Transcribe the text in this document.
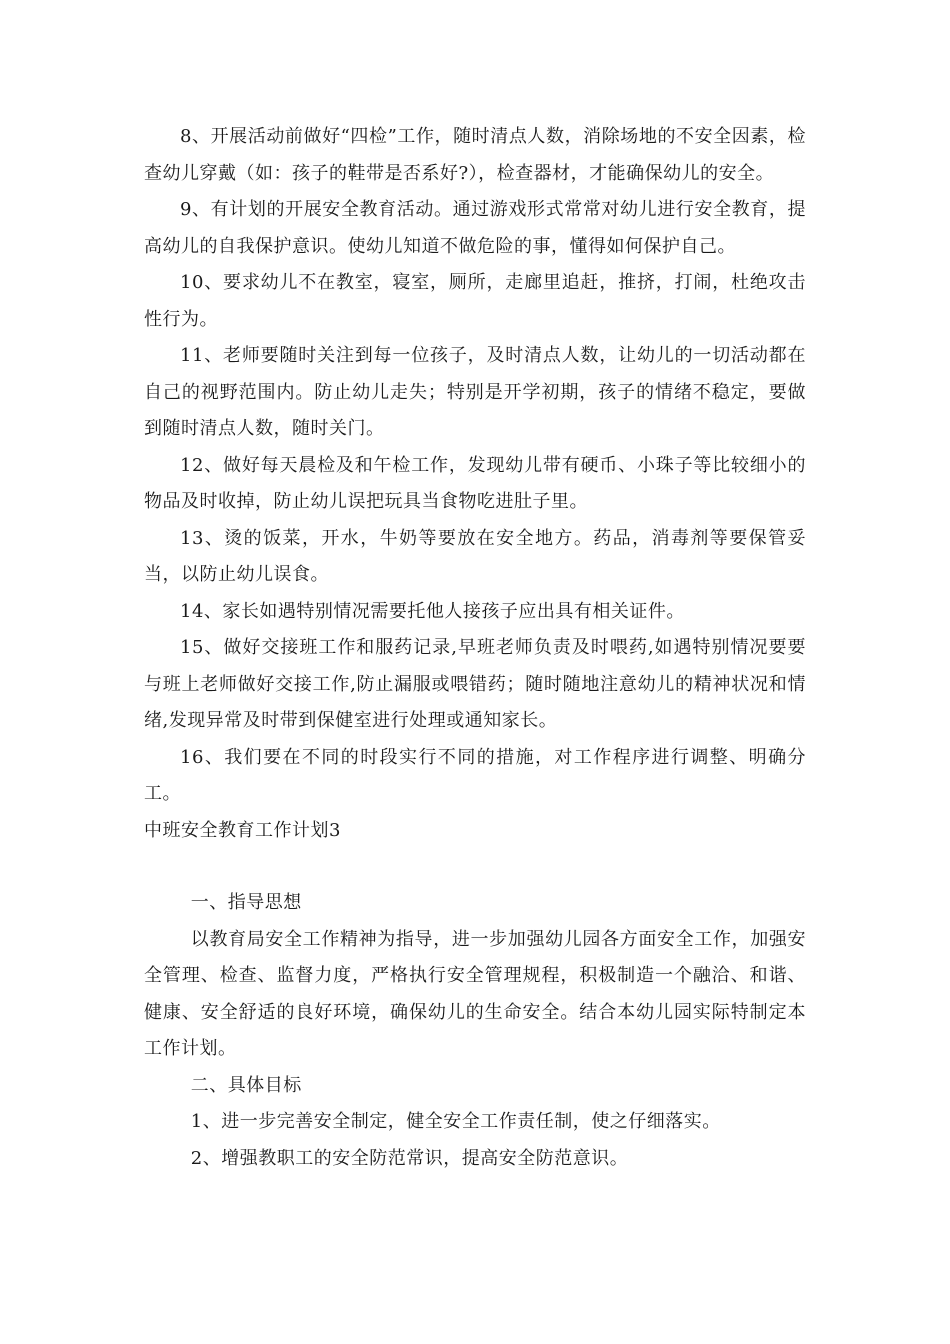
8、开展活动前做好“四检”工作，随时清点人数，消除场地的不安全因素，检查幼儿穿戴（如：孩子的鞋带是否系好?），检查器材，才能确保幼儿的安全。

9、有计划的开展安全教育活动。通过游戏形式常常对幼儿进行安全教育，提高幼儿的自我保护意识。使幼儿知道不做危险的事，懂得如何保护自己。

10、要求幼儿不在教室，寝室，厕所，走廊里追赶，推挤，打闹，杜绝攻击性行为。

11、老师要随时关注到每一位孩子，及时清点人数，让幼儿的一切活动都在自己的视野范围内。防止幼儿走失；特别是开学初期，孩子的情绪不稳定，要做到随时清点人数，随时关门。

12、做好每天晨检及和午检工作，发现幼儿带有硬币、小珠子等比较细小的物品及时收掉，防止幼儿误把玩具当食物吃进肚子里。

13、烫的饭菜，开水，牛奶等要放在安全地方。药品，消毒剂等要保管妥当，以防止幼儿误食。

14、家长如遇特别情况需要托他人接孩子应出具有相关证件。

15、做好交接班工作和服药记录,早班老师负责及时喂药,如遇特别情况要要与班上老师做好交接工作,防止漏服或喂错药；随时随地注意幼儿的精神状况和情绪,发现异常及时带到保健室进行处理或通知家长。

16、我们要在不同的时段实行不同的措施，对工作程序进行调整、明确分工。

中班安全教育工作计划3

一、指导思想

以教育局安全工作精神为指导，进一步加强幼儿园各方面安全工作，加强安全管理、检查、监督力度，严格执行安全管理规程，积极制造一个融洽、和谐、健康、安全舒适的良好环境，确保幼儿的生命安全。结合本幼儿园实际特制定本工作计划。

二、具体目标

1、进一步完善安全制定，健全安全工作责任制，使之仔细落实。

2、增强教职工的安全防范常识，提高安全防范意识。
